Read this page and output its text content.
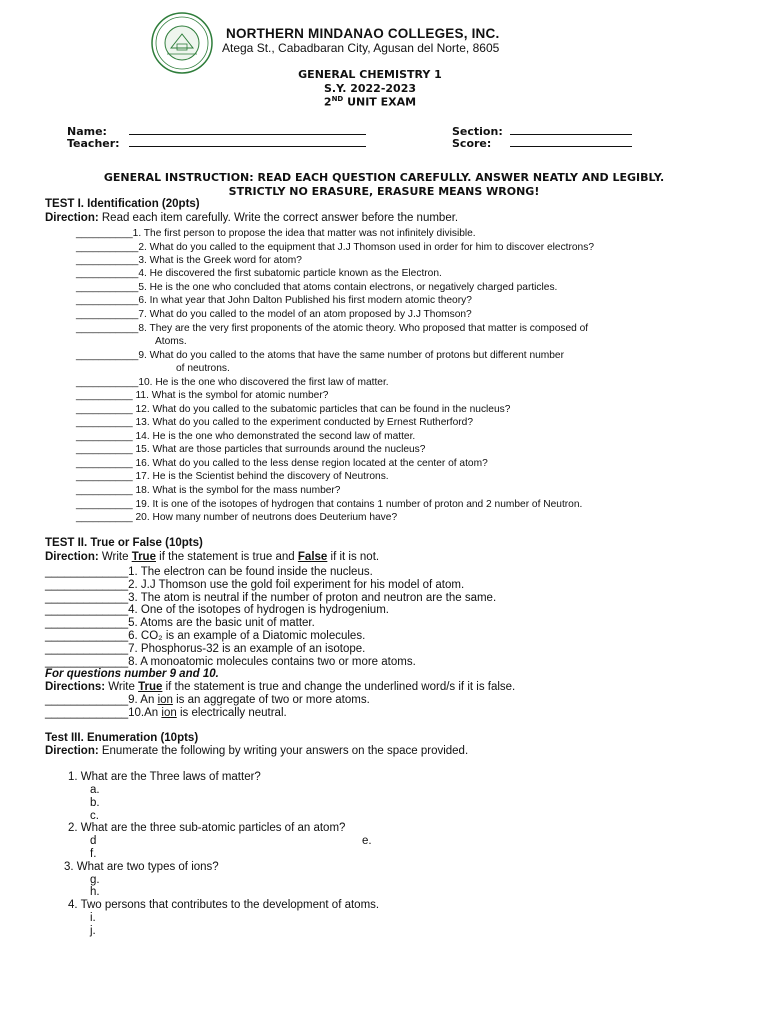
NORTHERN MINDANAO COLLEGES, INC.
Atega St., Cabadbaran City, Agusan del Norte, 8605
GENERAL CHEMISTRY 1
S.Y. 2022-2023
2ND UNIT EXAM
Name:
Teacher:
Section:
Score:
GENERAL INSTRUCTION: READ EACH QUESTION CAREFULLY. ANSWER NEATLY AND LEGIBLY.
STRICTLY NO ERASURE, ERASURE MEANS WRONG!
TEST I. Identification (20pts)
Direction: Read each item carefully. Write the correct answer before the number.
__________1. The first person to propose the idea that matter was not infinitely divisible.
___________2. What do you called to the equipment that J.J Thomson used in order for him to discover electrons?
___________3. What is the Greek word for atom?
___________4. He discovered the first subatomic particle known as the Electron.
___________5. He is the one who concluded that atoms contain electrons, or negatively charged particles.
___________6. In what year that John Dalton Published his first modern atomic theory?
___________7. What do you called to the model of an atom proposed by J.J Thomson?
___________8. They are the very first proponents of the atomic theory. Who proposed that matter is composed of
Atoms.
___________9. What do you called to the atoms that have the same number of protons but different number
of neutrons.
___________10. He is the one who discovered the first law of matter.
__________ 11. What is the symbol for atomic number?
__________ 12. What do you called to the subatomic particles that can be found in the nucleus?
__________ 13. What do you called to the experiment conducted by Ernest Rutherford?
__________ 14. He is the one who demonstrated the second law of matter.
__________ 15. What are those particles that surrounds around the nucleus?
__________ 16. What do you called to the less dense region located at the center of atom?
__________ 17. He is the Scientist behind the discovery of Neutrons.
__________ 18. What is the symbol for the mass number?
__________ 19. It is one of the isotopes of hydrogen that contains 1 number of proton and 2 number of Neutron.
__________ 20. How many number of neutrons does Deuterium have?
TEST II. True or False (10pts)
Direction: Write True if the statement is true and False if it is not.
_____________1. The electron can be found inside the nucleus.
_____________2. J.J Thomson use the gold foil experiment for his model of atom.
_____________3. The atom is neutral if the number of proton and neutron are the same.
_____________4. One of the isotopes of hydrogen is hydrogenium.
_____________5. Atoms are the basic unit of matter.
_____________6. CO₂ is an example of a Diatomic molecules.
_____________7. Phosphorus-32 is an example of an isotope.
_____________8. A monoatomic molecules contains two or more atoms.
For questions number 9 and 10.
Directions: Write True if the statement is true and change the underlined word/s if it is false.
_____________9. An ion is an aggregate of two or more atoms.
_____________10.An ion is electrically neutral.
Test III. Enumeration (10pts)
Direction: Enumerate the following by writing your answers on the space provided.
1. What are the Three laws of matter?
a.
b.
c.
2. What are the three sub-atomic particles of an atom?
d	e.
f.
3. What are two types of ions?
g.
h.
4. Two persons that contributes to the development of atoms.
i.
j.
